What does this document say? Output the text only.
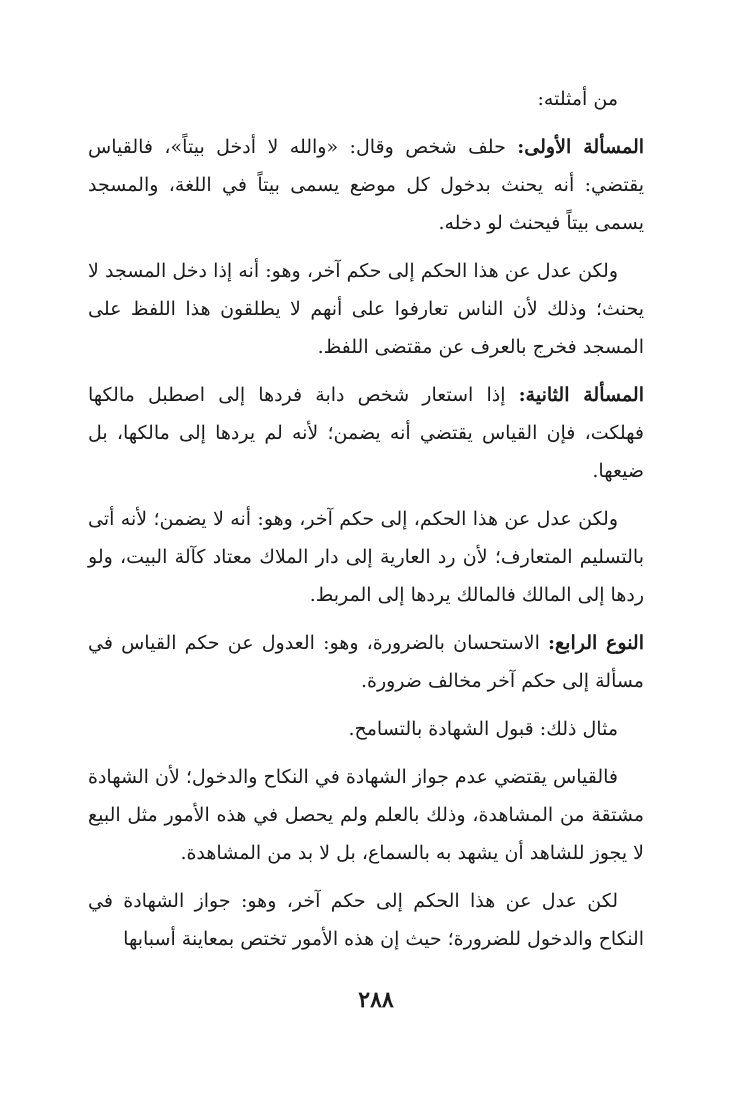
من أمثلته:

المسألة الأولى: حلف شخص وقال: «والله لا أدخل بيتاً»، فالقياس يقتضي: أنه يحنث بدخول كل موضع يسمى بيتاً في اللغة، والمسجد يسمى بيتاً فيحنث لو دخله.

ولكن عدل عن هذا الحكم إلى حكم آخر، وهو: أنه إذا دخل المسجد لا يحنث؛ وذلك لأن الناس تعارفوا على أنهم لا يطلقون هذا اللفظ على المسجد فخرج بالعرف عن مقتضى اللفظ.

المسألة الثانية: إذا استعار شخص دابة فردها إلى اصطبل مالكها فهلكت، فإن القياس يقتضي أنه يضمن؛ لأنه لم يردها إلى مالكها، بل ضيعها.

ولكن عدل عن هذا الحكم، إلى حكم آخر، وهو: أنه لا يضمن؛ لأنه أتى بالتسليم المتعارف؛ لأن رد العارية إلى دار الملاك معتاد كآلة البيت، ولو ردها إلى المالك فالمالك يردها إلى المربط.

النوع الرابع: الاستحسان بالضرورة، وهو: العدول عن حكم القياس في مسألة إلى حكم آخر مخالف ضرورة.

مثال ذلك: قبول الشهادة بالتسامح.

فالقياس يقتضي عدم جواز الشهادة في النكاح والدخول؛ لأن الشهادة مشتقة من المشاهدة، وذلك بالعلم ولم يحصل في هذه الأمور مثل البيع لا يجوز للشاهد أن يشهد به بالسماع، بل لا بد من المشاهدة.

لكن عدل عن هذا الحكم إلى حكم آخر، وهو: جواز الشهادة في النكاح والدخول للضرورة؛ حيث إن هذه الأمور تختص بمعاينة أسبابها

٢٨٨
